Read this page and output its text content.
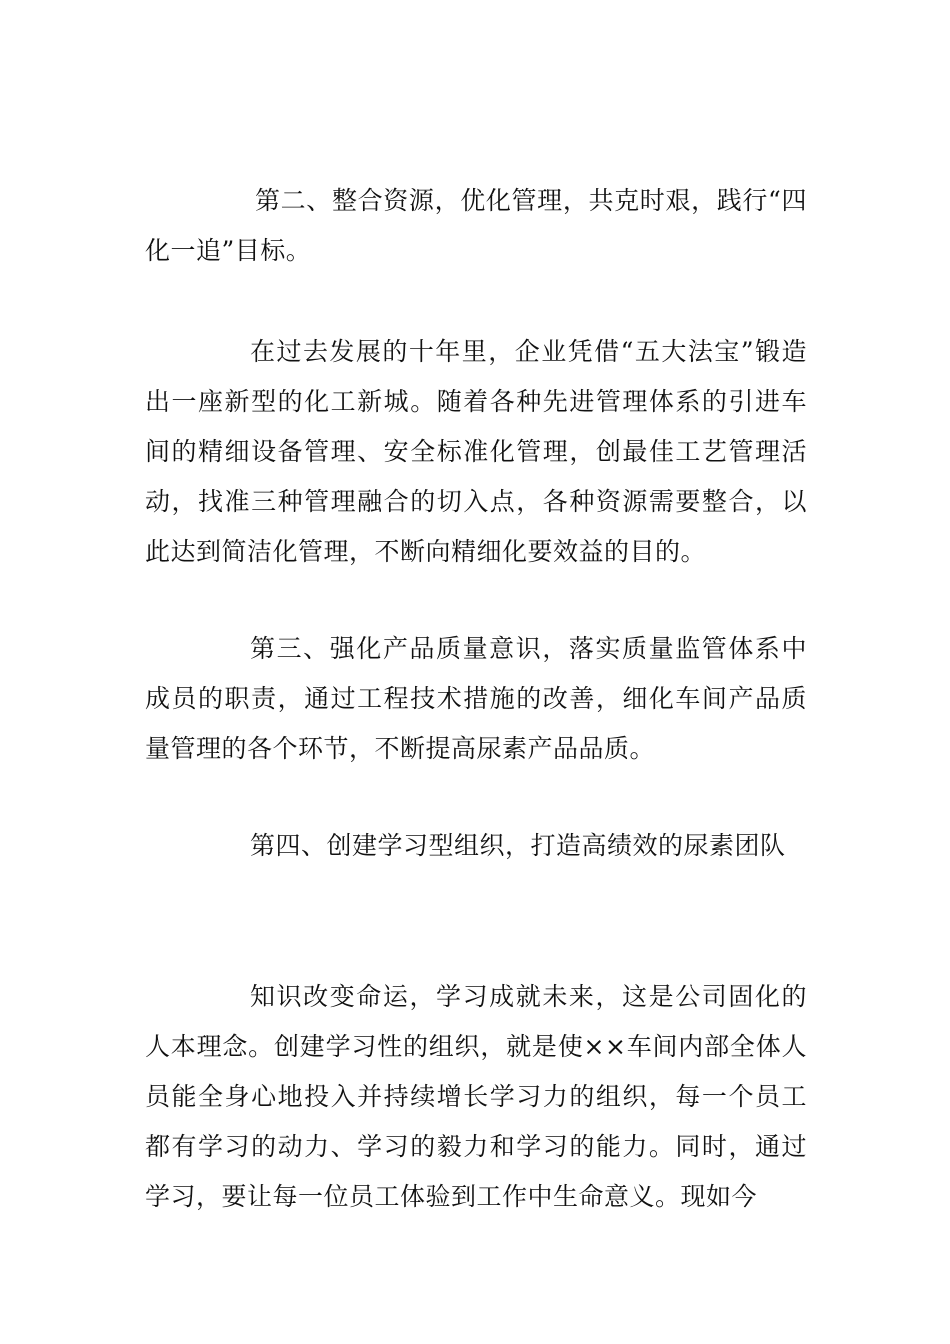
第二、整合资源，优化管理，共克时艰，践行“四化一追”目标。

在过去发展的十年里，企业凭借“五大法宝”锻造出一座新型的化工新城。随着各种先进管理体系的引进车间的精细设备管理、安全标准化管理，创最佳工艺管理活动，找准三种管理融合的切入点，各种资源需要整合，以此达到简洁化管理，不断向精细化要效益的目的。

第三、强化产品质量意识，落实质量监管体系中成员的职责，通过工程技术措施的改善，细化车间产品质量管理的各个环节，不断提高尿素产品品质。

第四、创建学习型组织，打造高绩效的尿素团队

知识改变命运，学习成就未来，这是公司固化的人本理念。创建学习性的组织，就是使××车间内部全体人员能全身心地投入并持续增长学习力的组织，每一个员工都有学习的动力、学习的毅力和学习的能力。同时，通过学习，要让每一位员工体验到工作中生命意义。现如今
